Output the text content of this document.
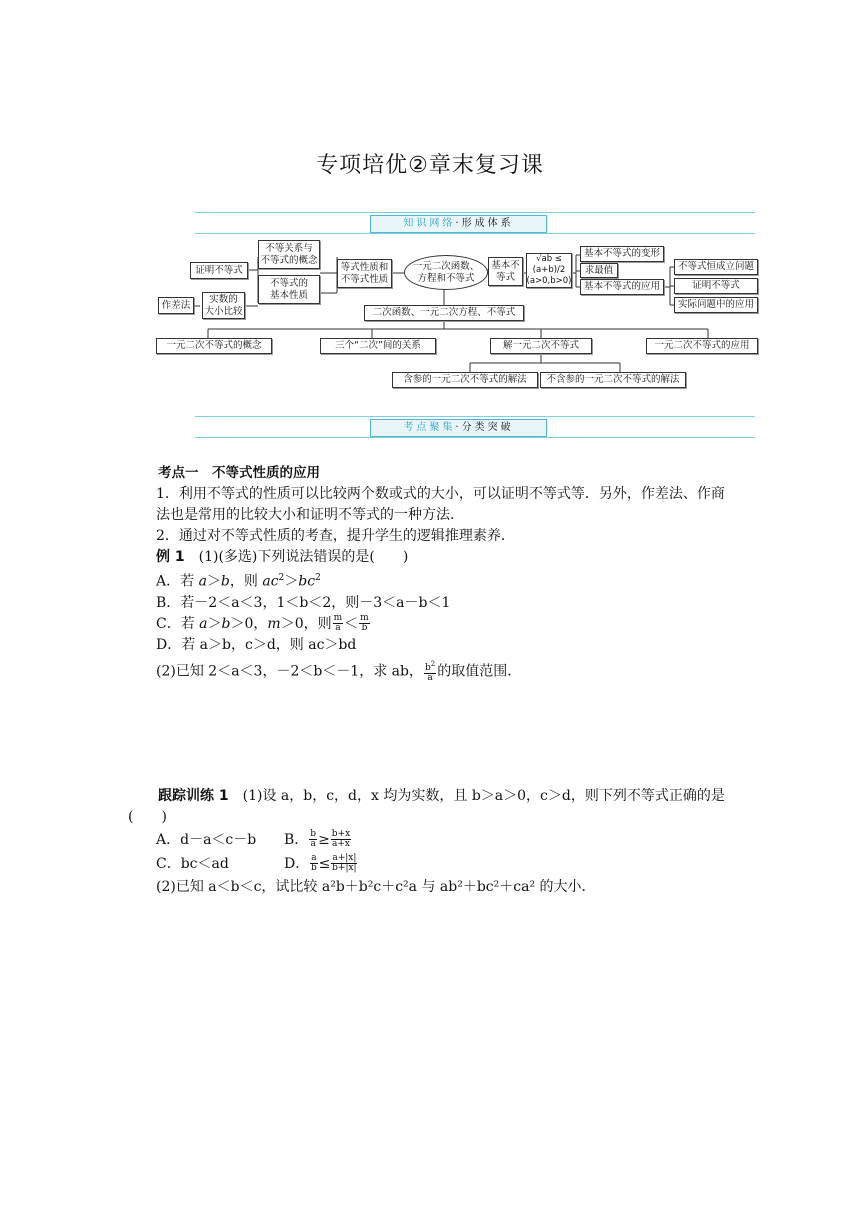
专项培优②章末复习课
知识网络·形成体系
证明不等式
作差法
实数的
大小比较
不等关系与
不等式的概念
不等式的
基本性质
等式性质和
不等式性质
一元二次函数、
方程和不等式
基本不
等式
√ab ≤ (a+b)/2
(a>0,b>0)
基本不等式的变形
求最值
基本不等式的应用
不等式恒成立问题
证明不等式
实际问题中的应用
二次函数、一元二次方程、不等式
一元二次不等式的概念	三个“二次”间的关系	解一元二次不等式	一元二次不等式的应用
含参的一元二次不等式的解法	不含参的一元二次不等式的解法
考点聚集·分类突破

考点一　不等式性质的应用

1．利用不等式的性质可以比较两个数或式的大小，可以证明不等式等．另外，作差法、作商法也是常用的比较大小和证明不等式的一种方法．

2．通过对不等式性质的考查，提升学生的逻辑推理素养．

例 1　(1)(多选)下列说法错误的是(　　)

A．若 a＞b，则 $ac^2>bc^2$

B．若－2＜a＜3，1＜b＜2，则－3＜a－b＜1

C．若 a＞b＞0，m＞0，则 $\frac{m}{a} < \frac{m}{b}$

D．若 a＞b，c＞d，则 ac＞bd

(2)已知 2＜a＜3，－2＜b＜－1，求 ab， $\frac{b^2}{a}$ 的取值范围．

跟踪训练 1　(1)设 a，b，c，d，x 均为实数，且 b＞a＞0，c＞d，则下列不等式正确的是

(　　)

A．d－a＜c－b B． $\frac{b}{a} \ge \frac{b+x}{a+x}$

C．bc＜ad	D． $\frac{a}{b} \le \frac{a+|x|}{b+|x|}$

(2)已知 a＜b＜c，试比较 a²b＋b²c＋c²a 与 ab²＋bc²＋ca² 的大小．
